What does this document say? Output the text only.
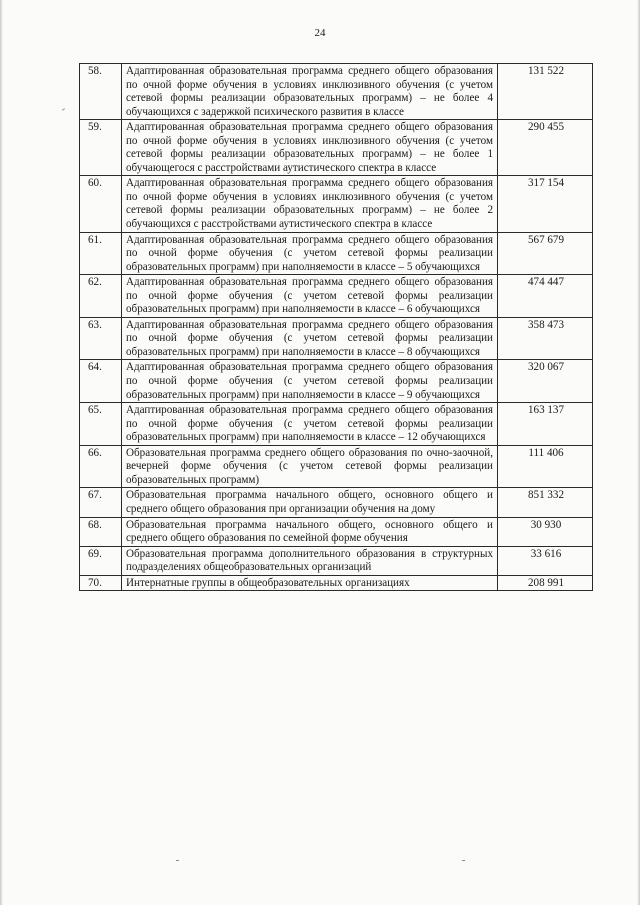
24
58.	Адаптированная образовательная программа среднего общего образования по очной форме обучения в условиях инклюзивного обучения (с учетом сетевой формы реализации образовательных программ) – не более 4 обучающихся с задержкой психического развития в классе	131 522
59.	Адаптированная образовательная программа среднего общего образования по очной форме обучения в условиях инклюзивного обучения (с учетом сетевой формы реализации образовательных программ) – не более 1 обучающегося с расстройствами аутистического спектра в классе	290 455
60.	Адаптированная образовательная программа среднего общего образования по очной форме обучения в условиях инклюзивного обучения (с учетом сетевой формы реализации образовательных программ) – не более 2 обучающихся с расстройствами аутистического спектра в классе	317 154
61.	Адаптированная образовательная программа среднего общего образования по очной форме обучения (с учетом сетевой формы реализации образовательных программ) при наполняемости в классе – 5 обучающихся	567 679
62.	Адаптированная образовательная программа среднего общего образования по очной форме обучения (с учетом сетевой формы реализации образовательных программ) при наполняемости в классе – 6 обучающихся	474 447
63.	Адаптированная образовательная программа среднего общего образования по очной форме обучения (с учетом сетевой формы реализации образовательных программ) при наполняемости в классе – 8 обучающихся	358 473
64.	Адаптированная образовательная программа среднего общего образования по очной форме обучения (с учетом сетевой формы реализации образовательных программ) при наполняемости в классе – 9 обучающихся	320 067
65.	Адаптированная образовательная программа среднего общего образования по очной форме обучения (с учетом сетевой формы реализации образовательных программ) при наполняемости в классе – 12 обучающихся	163 137
66.	Образовательная программа среднего общего образования по очно-заочной, вечерней форме обучения (с учетом сетевой формы реализации образовательных программ)	111 406
67.	Образовательная программа начального общего, основного общего и среднего общего образования при организации обучения на дому	851 332
68.	Образовательная программа начального общего, основного общего и среднего общего образования по семейной форме обучения	30 930
69.	Образовательная программа дополнительного образования в структурных подразделениях общеобразовательных организаций	33 616
70.	Интернатные группы в общеобразовательных организациях	208 991
